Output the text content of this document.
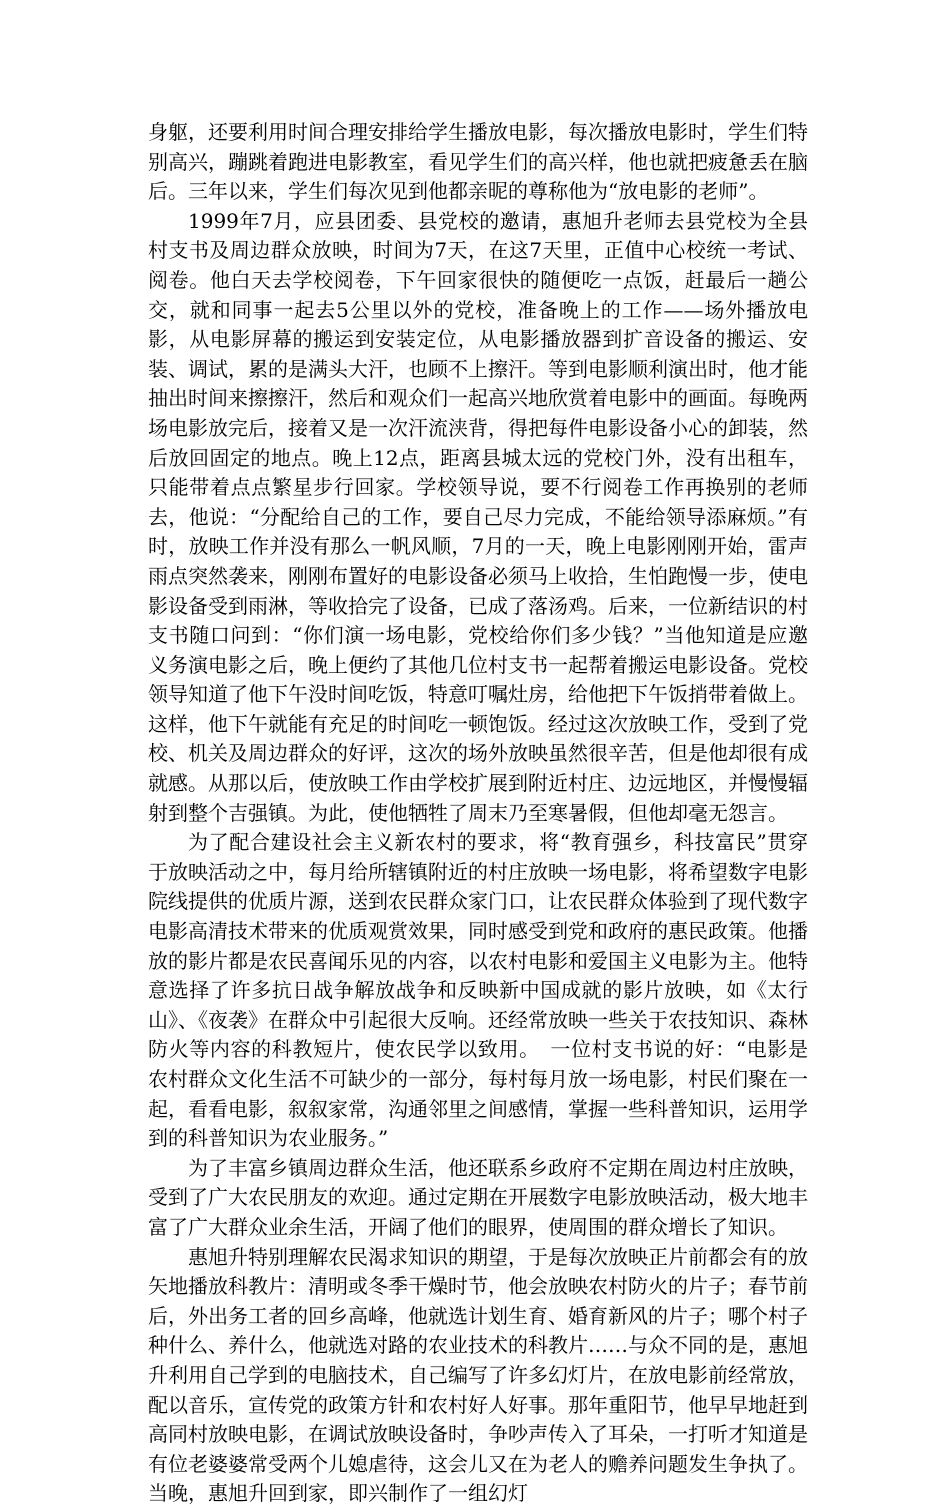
身躯，还要利用时间合理安排给学生播放电影，每次播放电影时，学生们特别高兴，蹦跳着跑进电影教室，看见学生们的高兴样，他也就把疲惫丢在脑后。三年以来，学生们每次见到他都亲昵的尊称他为“放电影的老师”。

1999年7月，应县团委、县党校的邀请，惠旭升老师去县党校为全县村支书及周边群众放映，时间为7天，在这7天里，正值中心校统一考试、阅卷。他白天去学校阅卷，下午回家很快的随便吃一点饭，赶最后一趟公交，就和同事一起去5公里以外的党校，准备晚上的工作——场外播放电影，从电影屏幕的搬运到安装定位，从电影播放器到扩音设备的搬运、安装、调试，累的是满头大汗，也顾不上擦汗。等到电影顺利演出时，他才能抽出时间来擦擦汗，然后和观众们一起高兴地欣赏着电影中的画面。每晚两场电影放完后，接着又是一次汗流浃背，得把每件电影设备小心的卸装，然后放回固定的地点。晚上12点，距离县城太远的党校门外，没有出租车，只能带着点点繁星步行回家。学校领导说，要不行阅卷工作再换别的老师去，他说：“分配给自己的工作，要自己尽力完成，不能给领导添麻烦。”有时，放映工作并没有那么一帆风顺，7月的一天，晚上电影刚刚开始，雷声雨点突然袭来，刚刚布置好的电影设备必须马上收拾，生怕跑慢一步，使电影设备受到雨淋，等收拾完了设备，已成了落汤鸡。后来，一位新结识的村支书随口问到：“你们演一场电影，党校给你们多少钱？”当他知道是应邀义务演电影之后，晚上便约了其他几位村支书一起帮着搬运电影设备。党校领导知道了他下午没时间吃饭，特意叮嘱灶房，给他把下午饭捎带着做上。这样，他下午就能有充足的时间吃一顿饱饭。经过这次放映工作，受到了党校、机关及周边群众的好评，这次的场外放映虽然很辛苦，但是他却很有成就感。从那以后，使放映工作由学校扩展到附近村庄、边远地区，并慢慢辐射到整个吉强镇。为此，使他牺牲了周末乃至寒暑假，但他却毫无怨言。

为了配合建设社会主义新农村的要求，将“教育强乡，科技富民”贯穿于放映活动之中，每月给所辖镇附近的村庄放映一场电影，将希望数字电影院线提供的优质片源，送到农民群众家门口，让农民群众体验到了现代数字电影高清技术带来的优质观赏效果，同时感受到党和政府的惠民政策。他播放的影片都是农民喜闻乐见的内容，以农村电影和爱国主义电影为主。他特意选择了许多抗日战争解放战争和反映新中国成就的影片放映，如《太行山》、《夜袭》在群众中引起很大反响。还经常放映一些关于农技知识、森林防火等内容的科教短片，使农民学以致用。　一位村支书说的好：“电影是农村群众文化生活不可缺少的一部分，每村每月放一场电影，村民们聚在一起，看看电影，叙叙家常，沟通邻里之间感情，掌握一些科普知识，运用学到的科普知识为农业服务。”

为了丰富乡镇周边群众生活，他还联系乡政府不定期在周边村庄放映，受到了广大农民朋友的欢迎。通过定期在开展数字电影放映活动，极大地丰富了广大群众业余生活，开阔了他们的眼界，使周围的群众增长了知识。

惠旭升特别理解农民渴求知识的期望，于是每次放映正片前都会有的放矢地播放科教片：清明或冬季干燥时节，他会放映农村防火的片子；春节前后，外出务工者的回乡高峰，他就选计划生育、婚育新风的片子；哪个村子种什么、养什么，他就选对路的农业技术的科教片……与众不同的是，惠旭升利用自己学到的电脑技术，自己编写了许多幻灯片，在放电影前经常放，配以音乐，宣传党的政策方针和农村好人好事。那年重阳节，他早早地赶到高同村放映电影，在调试放映设备时，争吵声传入了耳朵，一打听才知道是有位老婆婆常受两个儿媳虐待，这会儿又在为老人的赡养问题发生争执了。当晚，惠旭升回到家，即兴制作了一组幻灯
